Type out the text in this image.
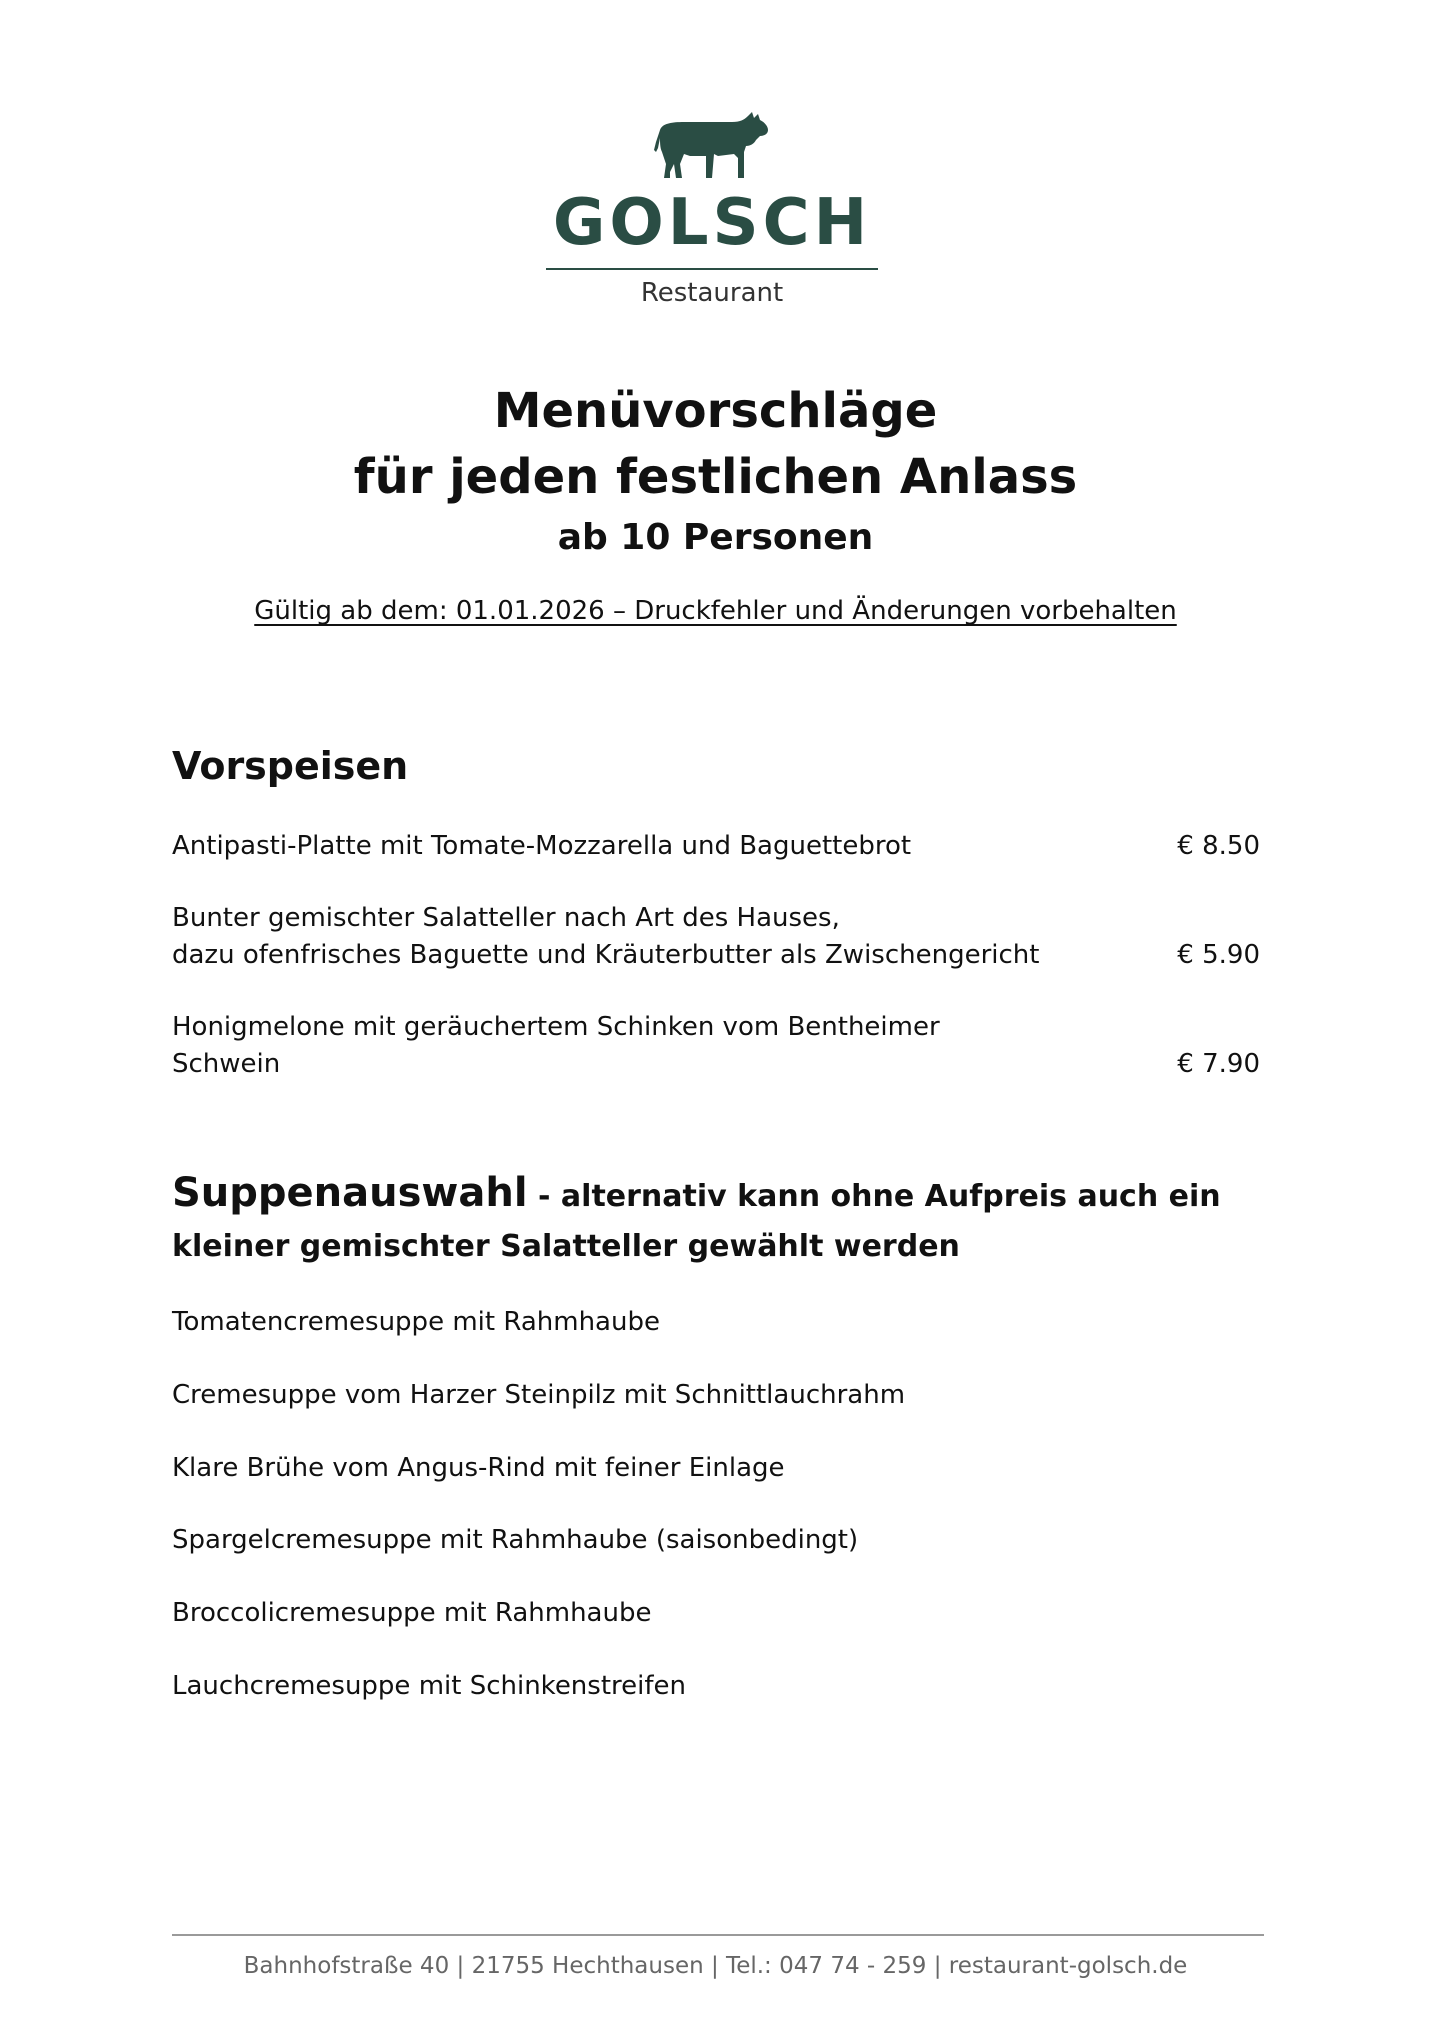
GOLSCH
Restaurant
Menüvorschläge
für jeden festlichen Anlass
ab 10 Personen
Gültig ab dem: 01.01.2026 – Druckfehler und Änderungen vorbehalten
Vorspeisen
Antipasti-Platte mit Tomate-Mozzarella und Baguettebrot	€ 8.50
Bunter gemischter Salatteller nach Art des Hauses, dazu ofenfrisches Baguette und Kräuterbutter als Zwischengericht	€ 5.90
Honigmelone mit geräuchertem Schinken vom Bentheimer Schwein	€ 7.90
Suppenauswahl - alternativ kann ohne Aufpreis auch ein kleiner gemischter Salatteller gewählt werden
Tomatencremesuppe mit Rahmhaube
Cremesuppe vom Harzer Steinpilz mit Schnittlauchrahm
Klare Brühe vom Angus-Rind mit feiner Einlage
Spargelcremesuppe mit Rahmhaube (saisonbedingt)
Broccolicremesuppe mit Rahmhaube
Lauchcremesuppe mit Schinkenstreifen
Bahnhofstraße 40 | 21755 Hechthausen | Tel.: 047 74 - 259 | restaurant-golsch.de
